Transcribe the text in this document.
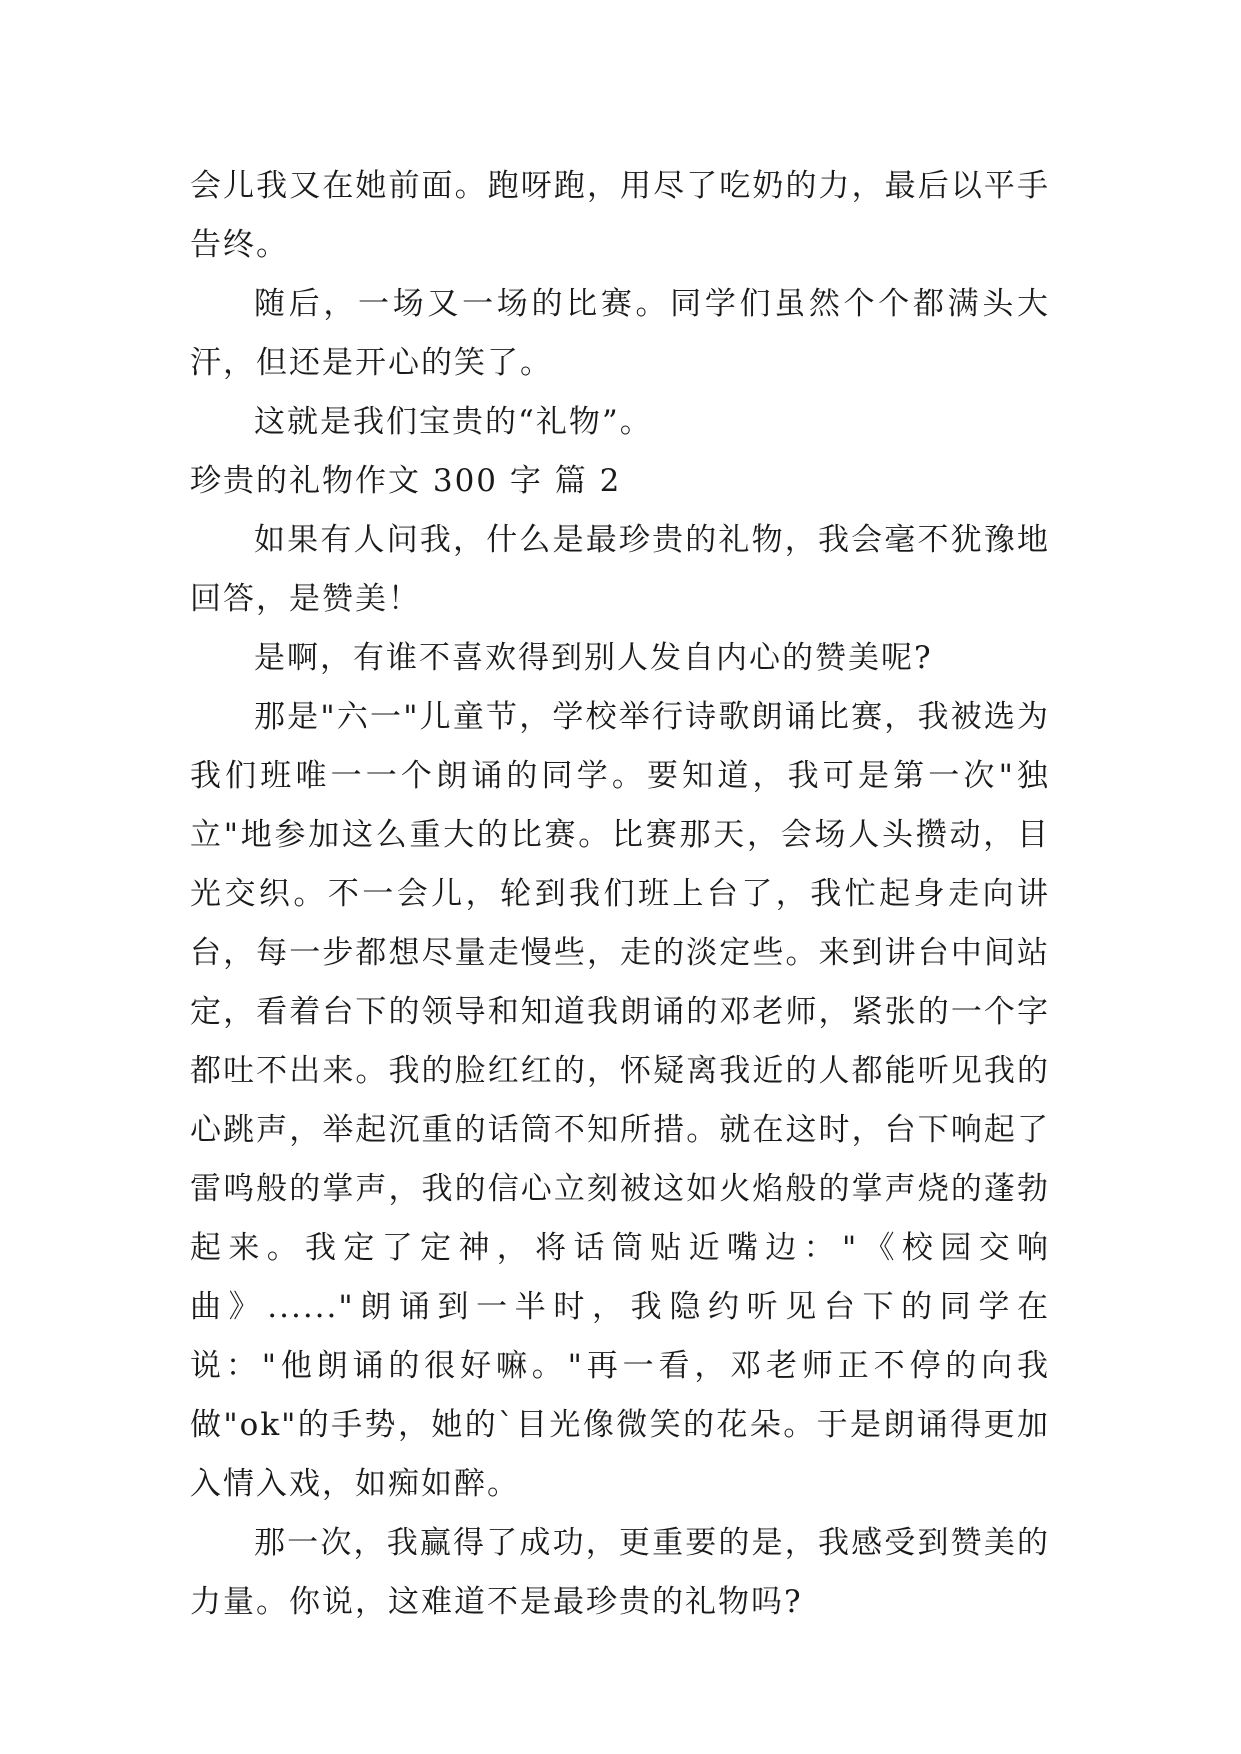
会儿我又在她前面。跑呀跑，用尽了吃奶的力，最后以平手告终。

随后，一场又一场的比赛。同学们虽然个个都满头大汗，但还是开心的笑了。

这就是我们宝贵的“礼物”。

珍贵的礼物作文 300 字 篇 2

如果有人问我，什么是最珍贵的礼物，我会毫不犹豫地回答，是赞美！

是啊，有谁不喜欢得到别人发自内心的赞美呢?

那是"六一"儿童节，学校举行诗歌朗诵比赛，我被选为我们班唯一一个朗诵的同学。要知道，我可是第一次"独立"地参加这么重大的比赛。比赛那天，会场人头攒动，目光交织。不一会儿，轮到我们班上台了，我忙起身走向讲台，每一步都想尽量走慢些，走的淡定些。来到讲台中间站定，看着台下的领导和知道我朗诵的邓老师，紧张的一个字都吐不出来。我的脸红红的，怀疑离我近的人都能听见我的心跳声，举起沉重的话筒不知所措。就在这时，台下响起了雷鸣般的掌声，我的信心立刻被这如火焰般的掌声烧的蓬勃起来。我定了定神，将话筒贴近嘴边："《校园交响曲》......"朗诵到一半时，我隐约听见台下的同学在说："他朗诵的很好嘛。"再一看，邓老师正不停的向我做"ok"的手势，她的`目光像微笑的花朵。于是朗诵得更加入情入戏，如痴如醉。

那一次，我赢得了成功，更重要的是，我感受到赞美的力量。你说，这难道不是最珍贵的礼物吗?
